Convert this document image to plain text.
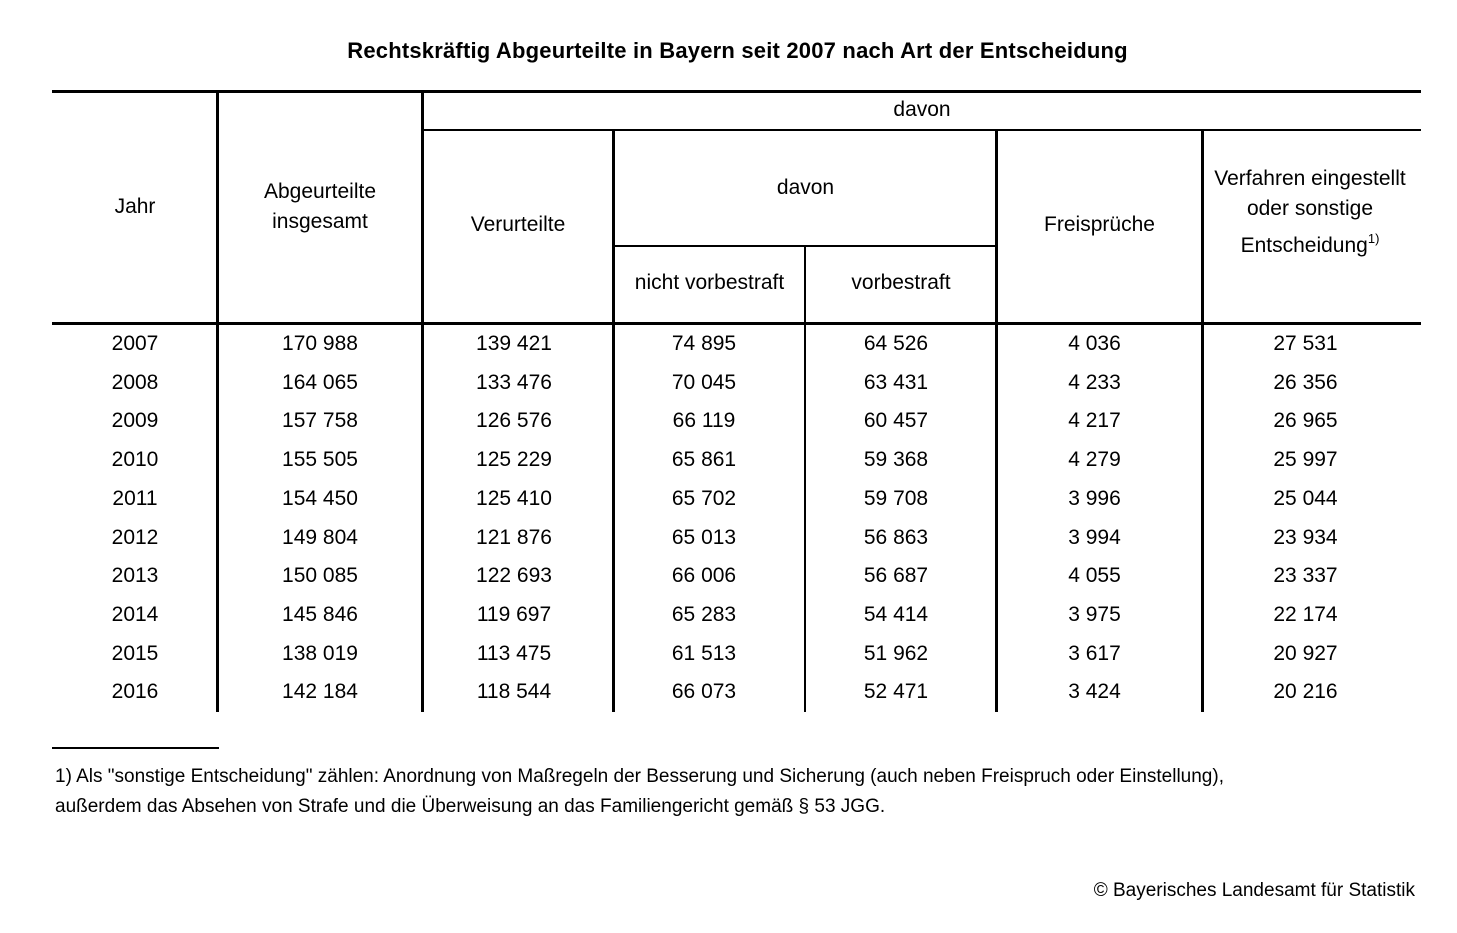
Rechtskräftig Abgeurteilte in Bayern seit 2007 nach Art der Entscheidung
Jahr
Abgeurteilte insgesamt
davon
Verurteilte
davon
nicht vorbestraft	vorbestraft
Freisprüche
Verfahren eingestellt oder sonstige Entscheidung$^{1)}$
2007	170 988	139 421	74 895	64 526	4 036	27 531
2008	164 065	133 476	70 045	63 431	4 233	26 356
2009	157 758	126 576	66 119	60 457	4 217	26 965
2010	155 505	125 229	65 861	59 368	4 279	25 997
2011	154 450	125 410	65 702	59 708	3 996	25 044
2012	149 804	121 876	65 013	56 863	3 994	23 934
2013	150 085	122 693	66 006	56 687	4 055	23 337
2014	145 846	119 697	65 283	54 414	3 975	22 174
2015	138 019	113 475	61 513	51 962	3 617	20 927
2016	142 184	118 544	66 073	52 471	3 424	20 216
1) Als "sonstige Entscheidung" zählen: Anordnung von Maßregeln der Besserung und Sicherung (auch neben Freispruch oder Einstellung),
außerdem das Absehen von Strafe und die Überweisung an das Familiengericht gemäß § 53 JGG.
© Bayerisches Landesamt für Statistik
